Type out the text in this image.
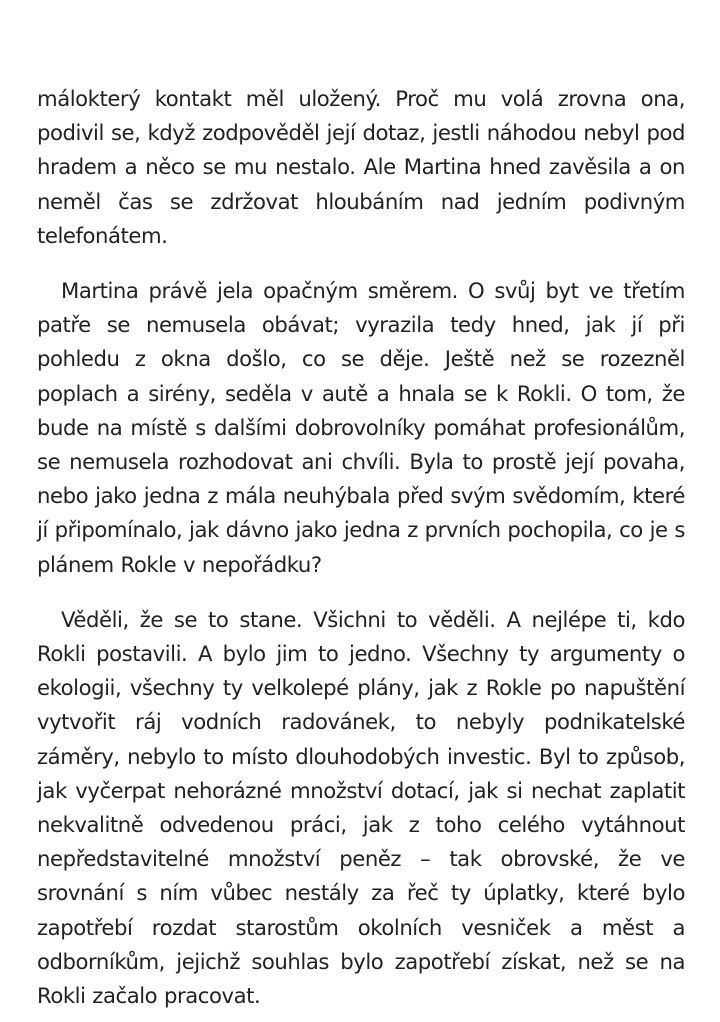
málokterý kontakt měl uložený. Proč mu volá zrovna ona, podivil se, když zodpověděl její dotaz, jestli náhodou nebyl pod hradem a něco se mu nestalo. Ale Martina hned zavěsila a on neměl čas se zdržovat hloubáním nad jedním podivným telefonátem.

Martina právě jela opačným směrem. O svůj byt ve třetím patře se nemusela obávat; vyrazila tedy hned, jak jí při pohledu z okna došlo, co se děje. Ještě než se rozezněl poplach a sirény, seděla v autě a hnala se k Rokli. O tom, že bude na místě s dalšími dobrovolníky pomáhat profesionálům, se nemusela rozhodovat ani chvíli. Byla to prostě její povaha, nebo jako jedna z mála neuhýbala před svým svědomím, které jí připomínalo, jak dávno jako jedna z prvních pochopila, co je s plánem Rokle v nepořádku?

Věděli, že se to stane. Všichni to věděli. A nejlépe ti, kdo Rokli postavili. A bylo jim to jedno. Všechny ty argumenty o ekologii, všechny ty velkolepé plány, jak z Rokle po napuštění vytvořit ráj vodních radovánek, to nebyly podnikatelské záměry, nebylo to místo dlouhodobých investic. Byl to způsob, jak vyčerpat nehorázné množství dotací, jak si nechat zaplatit nekvalitně odvedenou práci, jak z toho celého vytáhnout nepředstavitelné množství peněz – tak obrovské, že ve srovnání s ním vůbec nestály za řeč ty úplatky, které bylo zapotřebí rozdat starostům okolních vesniček a měst a odborníkům, jejichž souhlas bylo zapotřebí získat, než se na Rokli začalo pracovat.
